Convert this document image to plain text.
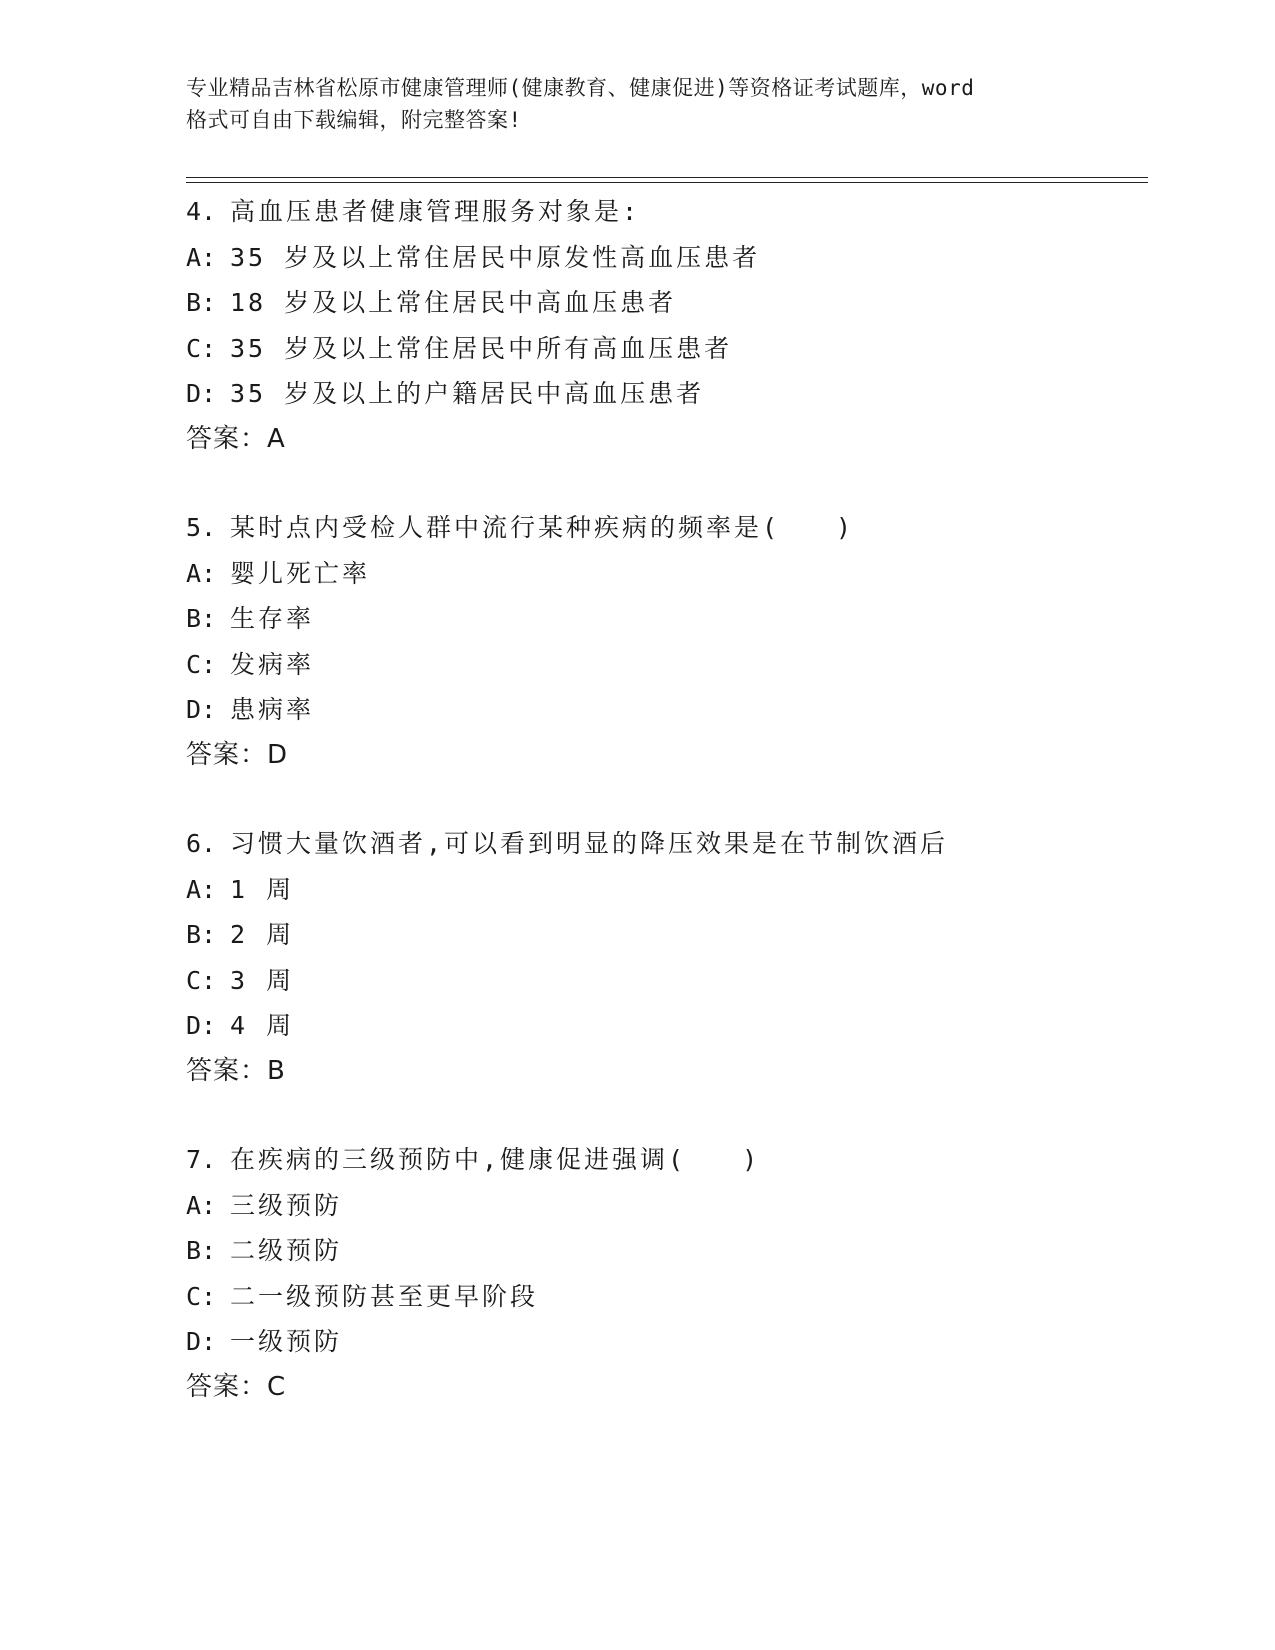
专业精品吉林省松原市健康管理师(健康教育、健康促进)等资格证考试题库，word
格式可自由下载编辑，附完整答案!
4. 高血压患者健康管理服务对象是:
A: 35 岁及以上常住居民中原发性高血压患者
B: 18 岁及以上常住居民中高血压患者
C: 35 岁及以上常住居民中所有高血压患者
D: 35 岁及以上的户籍居民中高血压患者
答案：A
5. 某时点内受检人群中流行某种疾病的频率是(　　)
A: 婴儿死亡率
B: 生存率
C: 发病率
D: 患病率
答案：D
6. 习惯大量饮酒者,可以看到明显的降压效果是在节制饮酒后
A: 1 周
B: 2 周
C: 3 周
D: 4 周
答案：B
7. 在疾病的三级预防中,健康促进强调(　　)
A: 三级预防
B: 二级预防
C: 二一级预防甚至更早阶段
D: 一级预防
答案：C
